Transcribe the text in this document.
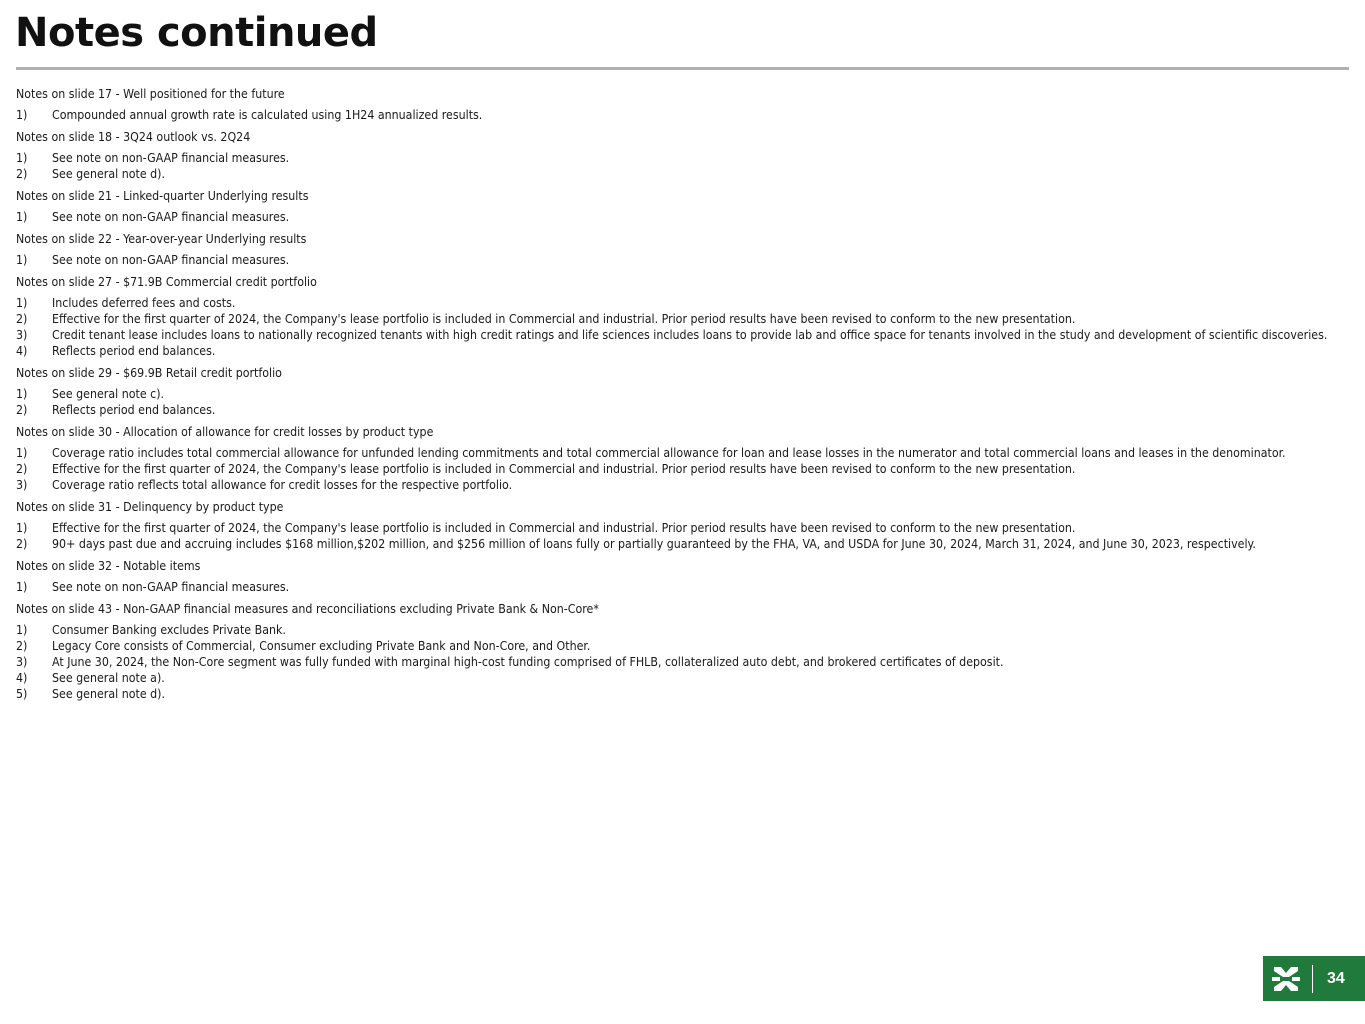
Notes continued
Notes on slide 17 - Well positioned for the future
1)	Compounded annual growth rate is calculated using 1H24 annualized results.
Notes on slide 18 - 3Q24 outlook vs. 2Q24
1)	See note on non-GAAP financial measures.
2)	See general note d).
Notes on slide 21 - Linked-quarter Underlying results
1)	See note on non-GAAP financial measures.
Notes on slide 22 - Year-over-year Underlying results
1)	See note on non-GAAP financial measures.
Notes on slide 27 - $71.9B Commercial credit portfolio
1)	Includes deferred fees and costs.
2)	Effective for the first quarter of 2024, the Company's lease portfolio is included in Commercial and industrial. Prior period results have been revised to conform to the new presentation.
3)	Credit tenant lease includes loans to nationally recognized tenants with high credit ratings and life sciences includes loans to provide lab and office space for tenants involved in the study and development of scientific discoveries.
4)	Reflects period end balances.
Notes on slide 29 - $69.9B Retail credit portfolio
1)	See general note c).
2)	Reflects period end balances.
Notes on slide 30 - Allocation of allowance for credit losses by product type
1)	Coverage ratio includes total commercial allowance for unfunded lending commitments and total commercial allowance for loan and lease losses in the numerator and total commercial loans and leases in the denominator.
2)	Effective for the first quarter of 2024, the Company's lease portfolio is included in Commercial and industrial. Prior period results have been revised to conform to the new presentation.
3)	Coverage ratio reflects total allowance for credit losses for the respective portfolio.
Notes on slide 31 - Delinquency by product type
1)	Effective for the first quarter of 2024, the Company's lease portfolio is included in Commercial and industrial. Prior period results have been revised to conform to the new presentation.
2)	90+ days past due and accruing includes $168 million,$202 million, and $256 million of loans fully or partially guaranteed by the FHA, VA, and USDA for June 30, 2024, March 31, 2024, and June 30, 2023, respectively.
Notes on slide 32 - Notable items
1)	See note on non-GAAP financial measures.
Notes on slide 43 - Non-GAAP financial measures and reconciliations excluding Private Bank & Non-Core*
1)	Consumer Banking excludes Private Bank.
2)	Legacy Core consists of Commercial, Consumer excluding Private Bank and Non-Core, and Other.
3)	At June 30, 2024, the Non-Core segment was fully funded with marginal high-cost funding comprised of FHLB, collateralized auto debt, and brokered certificates of deposit.
4)	See general note a).
5)	See general note d).
34
